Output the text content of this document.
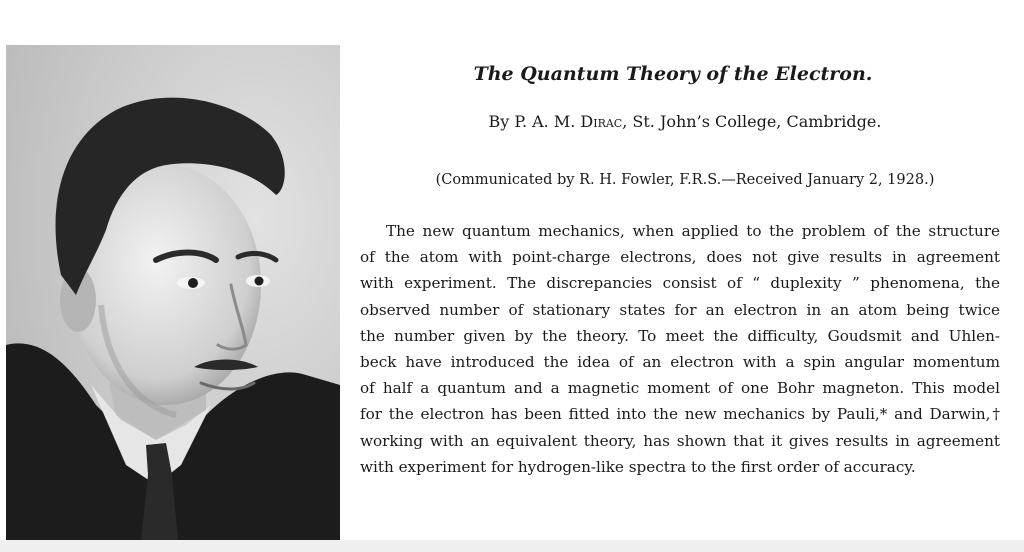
The Quantum Theory of the Electron.

By P. A. M. Dirac, St. John’s College, Cambridge.

(Communicated by R. H. Fowler, F.R.S.—Received January 2, 1928.)

The new quantum mechanics, when applied to the problem of the structure
of the atom with point-charge electrons, does not give results in agreement
with experiment. The discrepancies consist of “ duplexity ” phenomena, the
observed number of stationary states for an electron in an atom being twice
the number given by the theory. To meet the difficulty, Goudsmit and Uhlen-
beck have introduced the idea of an electron with a spin angular momentum
of half a quantum and a magnetic moment of one Bohr magneton. This model
for the electron has been fitted into the new mechanics by Pauli,* and Darwin,†
working with an equivalent theory, has shown that it gives results in agreement
with experiment for hydrogen-like spectra to the first order of accuracy.
